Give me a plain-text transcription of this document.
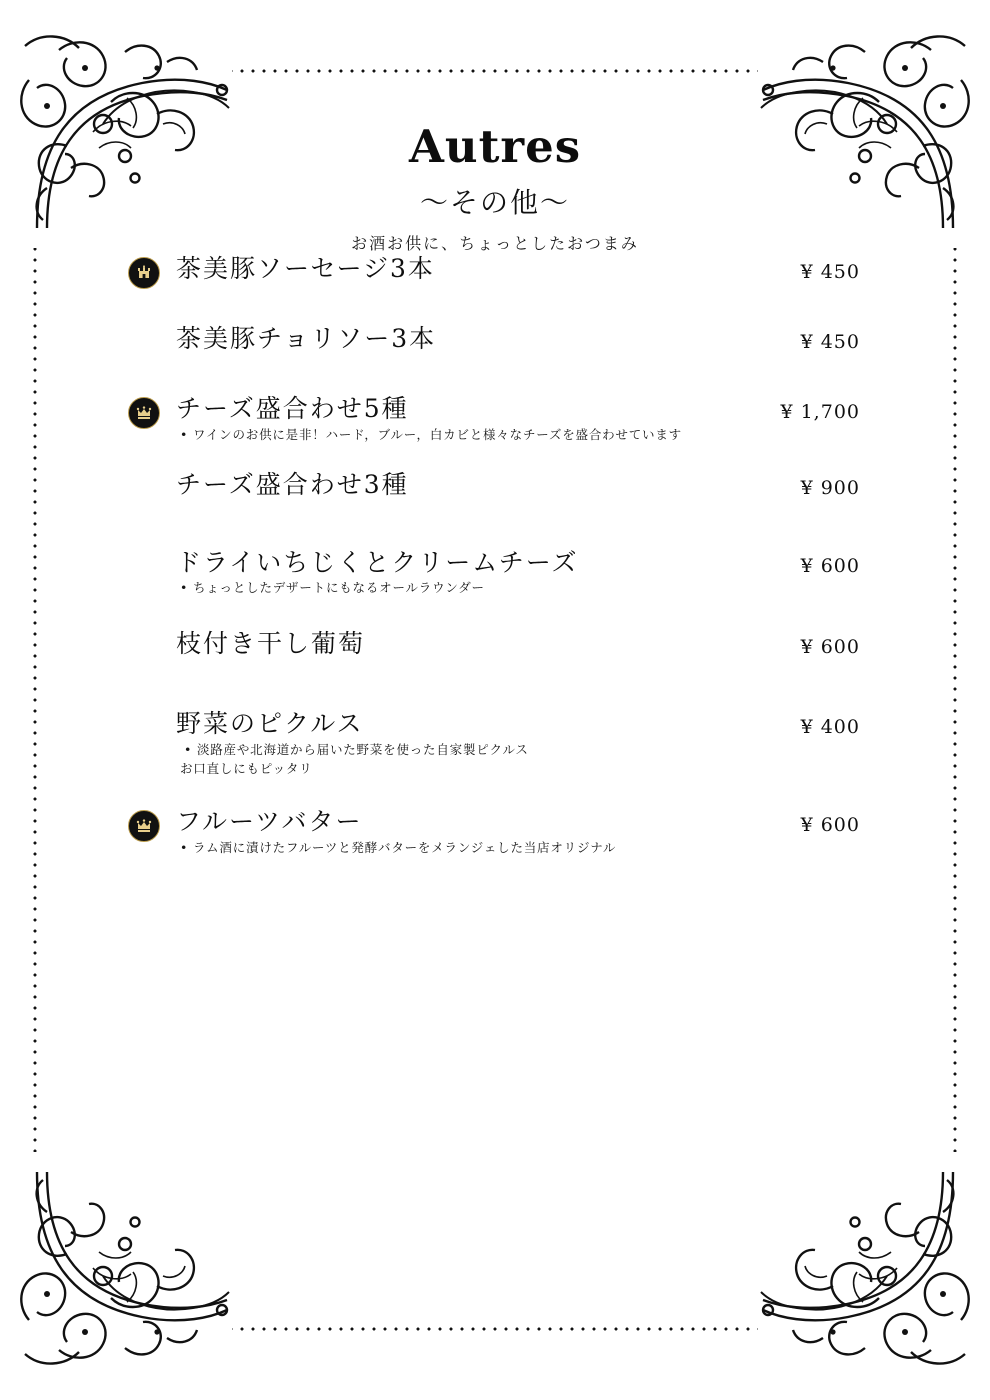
Autres
〜その他〜
お酒お供に、ちょっとしたおつまみ
茶美豚ソーセージ3本	¥ 450
茶美豚チョリソー3本	¥ 450
チーズ盛合わせ5種	¥ 1,700
• ワインのお供に是非！ハード，ブルー，白カビと様々なチーズを盛合わせています
チーズ盛合わせ3種	¥ 900
ドライいちじくとクリームチーズ	¥ 600
• ちょっとしたデザートにもなるオールラウンダー
枝付き干し葡萄	¥ 600
野菜のピクルス	¥ 400
• 淡路産や北海道から届いた野菜を使った自家製ピクルス
お口直しにもピッタリ
フルーツバター	¥ 600
• ラム酒に漬けたフルーツと発酵バターをメランジェした当店オリジナル
